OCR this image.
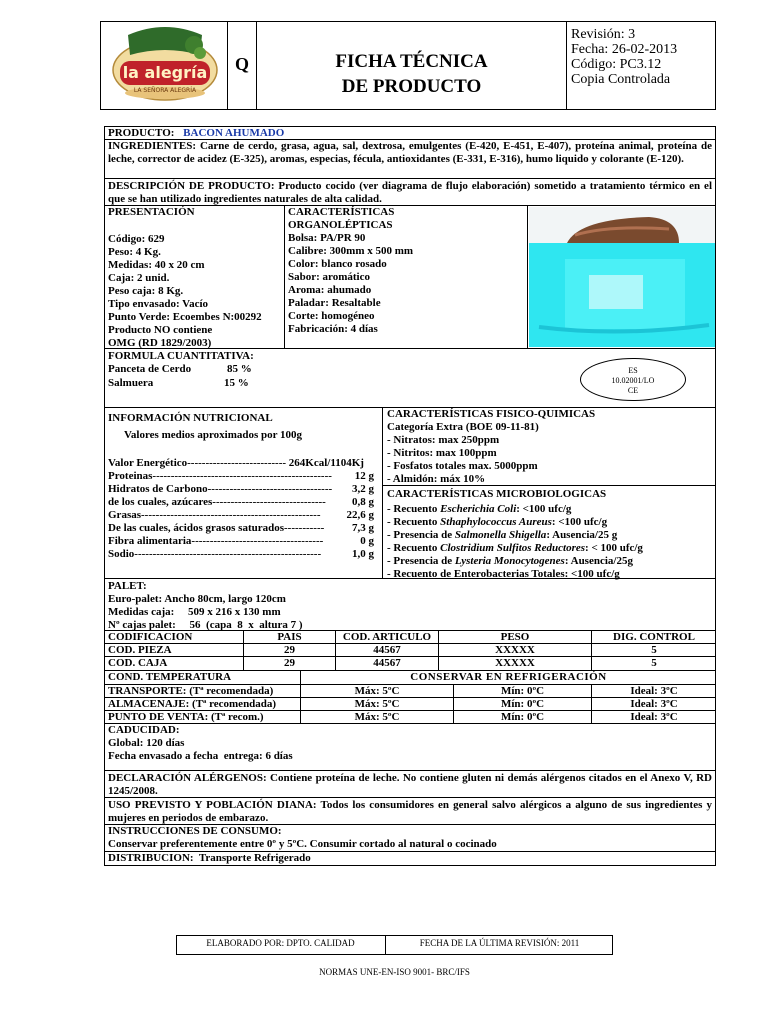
la alegría
LA SEÑORA ALEGRÍA
Q	FICHA TÉCNICA
DE PRODUCTO
Revisión: 3
Fecha: 26-02-2013
Código: PC3.12
Copia Controlada
PRODUCTO: BACON AHUMADO
INGREDIENTES: Carne de cerdo, grasa, agua, sal, dextrosa, emulgentes (E-420, E-451, E-407), proteína animal, proteína de leche, corrector de acidez (E-325), aromas, especias, fécula, antioxidantes (E-331, E-316), humo liquido y colorante (E-120).
DESCRIPCIÓN DE PRODUCTO: Producto cocido (ver diagrama de flujo elaboración) sometido a tratamiento térmico en el que se han utilizado ingredientes naturales de alta calidad.
PRESENTACIÓN
Código: 629
Peso: 4 Kg.
Medidas: 40 x 20 cm
Caja: 2 unid.
Peso caja: 8 Kg.
Tipo envasado: Vacío
Punto Verde: Ecoembes N:00292
Producto NO contiene
OMG (RD 1829/2003)
CARACTERÍSTICAS
ORGANOLÉPTICAS
Bolsa: PA/PR 90
Calibre: 300mm x 500 mm
Color: blanco rosado
Sabor: aromático
Aroma: ahumado
Paladar: Resaltable
Corte: homogéneo
Fabricación: 4 días
FORMULA CUANTITATIVA:
Panceta de Cerdo	85 %
Salmuera	15 %
ES
10.02001/LO
CE
INFORMACIÓN NUTRICIONAL
Valores medios aproximados por 100g
Valor Energético--------------------------- 264Kcal/1104Kj
Proteinas------------------------------------------------- 12 g
Hidratos de Carbono---------------------------------- 3,2 g
de los cuales, azúcares------------------------------- 0,8 g
Grasas------------------------------------------------- 22,6 g
De las cuales, ácidos grasos saturados-----------	7,3 g
Fibra alimentaria------------------------------------	0 g
Sodio---------------------------------------------------	1,0 g
CARACTERÍSTICAS FISICO-QUIMICAS
Categoría Extra (BOE 09-11-81)
- Nitratos: max 250ppm
- Nitritos: max 100ppm
- Fosfatos totales max. 5000ppm
- Almidón: máx 10%
CARACTERÍSTICAS MICROBIOLOGICAS
- Recuento Escherichia Coli: <100 ufc/g
- Recuento Sthaphylococcus Aureus: <100 ufc/g
- Presencia de Salmonella Shigella: Ausencia/25 g
- Recuento Clostridium Sulfitos Reductores: < 100 ufc/g
- Presencia de Lysteria Monocytogenes: Ausencia/25g
- Recuento de Enterobacterias Totales: <100 ufc/g
PALET:
Euro-palet: Ancho 80cm, largo 120cm
Medidas caja:     509 x 216 x 130 mm
Nº cajas palet:     56  (capa  8  x  altura 7 )
CODIFICACION	PAIS	COD. ARTICULO	PESO	DIG. CONTROL
COD. PIEZA	29	44567	XXXXX	5
COD. CAJA	29	44567	XXXXX	5
COND. TEMPERATURA	CONSERVAR EN REFRIGERACIÓN
TRANSPORTE: (Tª recomendada)	Máx: 5ºC	Mín: 0ºC	Ideal: 3ºC
ALMACENAJE: (Tª recomendada)	Máx: 5ºC	Mín: 0ºC	Ideal: 3ºC
PUNTO DE VENTA: (Tª recom.)	Máx: 5ºC	Mín: 0ºC	Ideal: 3ºC
CADUCIDAD:
Global: 120 días
Fecha envasado a fecha  entrega: 6 días
DECLARACIÓN ALÉRGENOS: Contiene proteína de leche. No contiene gluten ni demás alérgenos citados en el Anexo V, RD 1245/2008.
USO PREVISTO Y POBLACIÓN DIANA: Todos los consumidores en general salvo alérgicos a alguno de sus ingredientes y mujeres en periodos de embarazo.
INSTRUCCIONES DE CONSUMO:
Conservar preferentemente entre 0º y 5ºC. Consumir cortado al natural o cocinado
DISTRIBUCION:  Transporte Refrigerado
ELABORADO POR: DPTO. CALIDAD	FECHA DE LA ÚLTIMA REVISIÓN: 2011
NORMAS UNE-EN-ISO 9001- BRC/IFS
